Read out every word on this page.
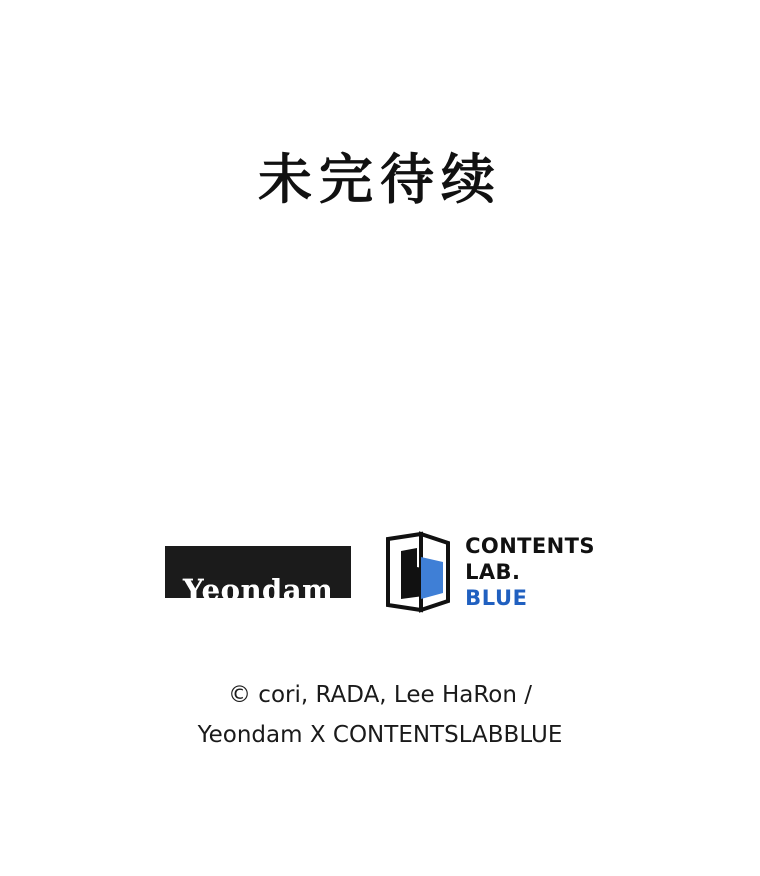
未完待续
Yeondam
CONTENTS
LAB.
BLUE
© cori, RADA, Lee HaRon /
Yeondam X CONTENTSLABBLUE
